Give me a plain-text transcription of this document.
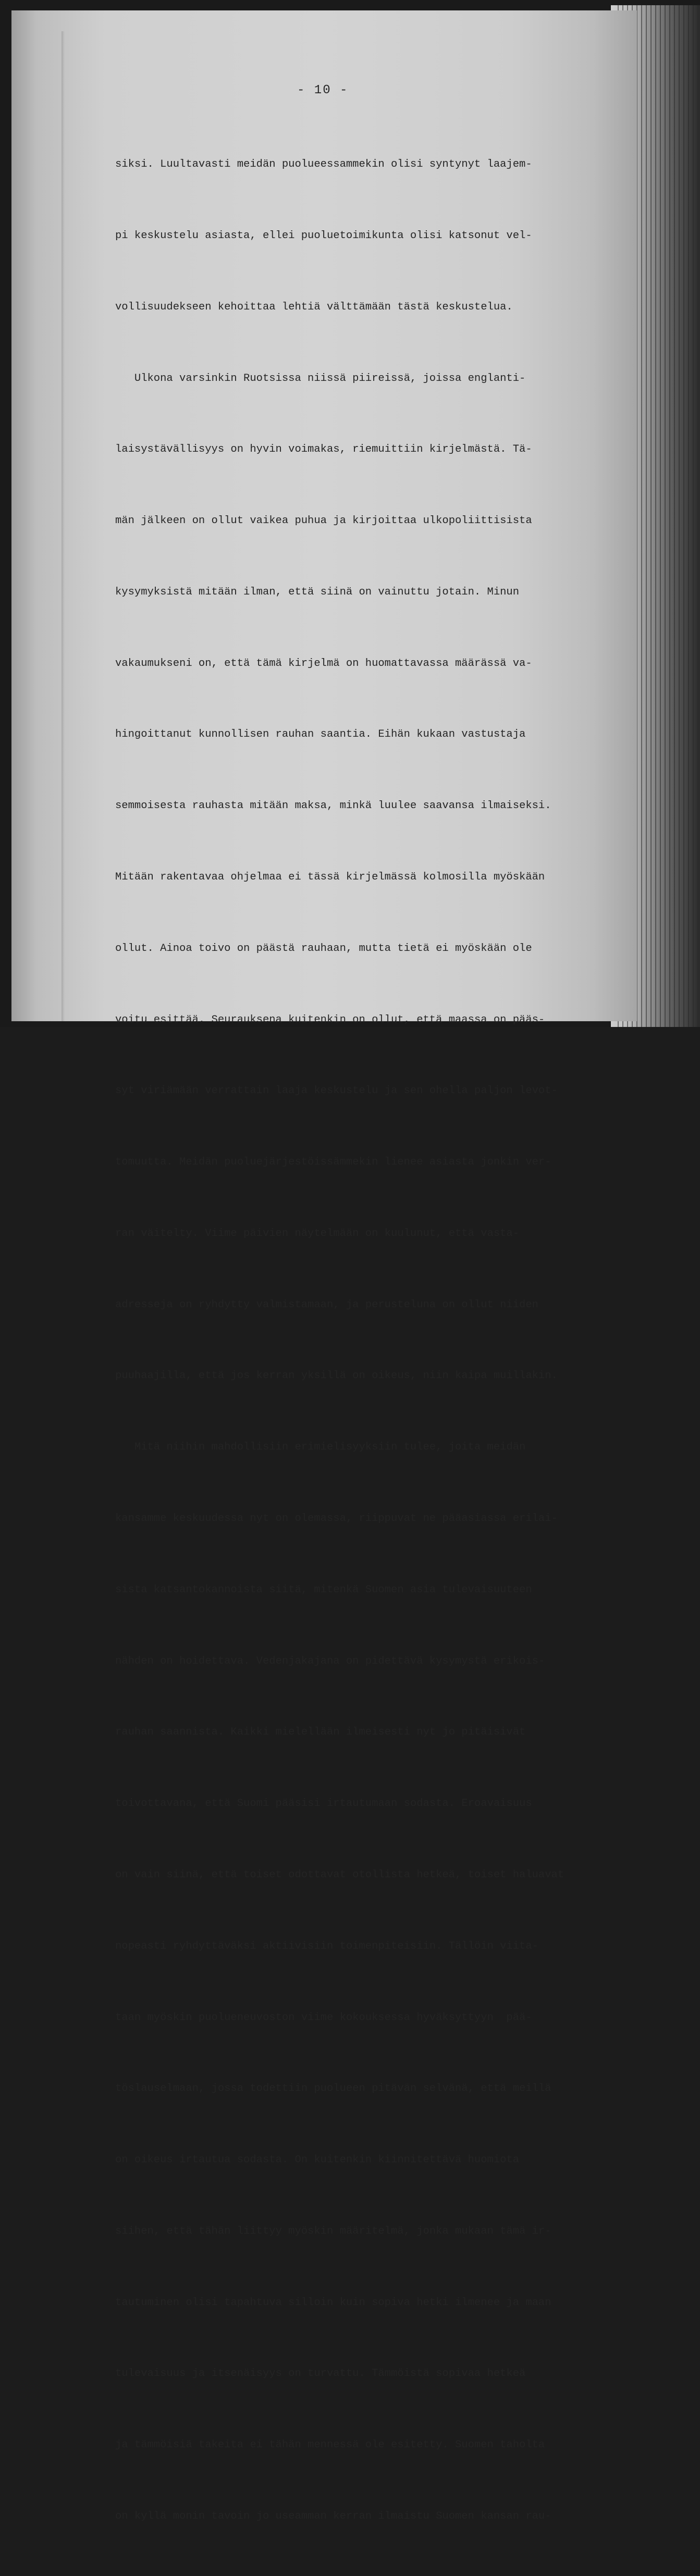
- 10 -

siksi. Luultavasti meidän puolueessammekin olisi syntynyt laajem-

pi keskustelu asiasta, ellei puoluetoimikunta olisi katsonut vel-

vollisuudekseen kehoittaa lehtiä välttämään tästä keskustelua.

Ulkona varsinkin Ruotsissa niissä piireissä, joissa englanti-

laisystävällisyys on hyvin voimakas, riemuittiin kirjelmästä. Tä-

män jälkeen on ollut vaikea puhua ja kirjoittaa ulkopoliittisista

kysymyksistä mitään ilman, että siinä on vainuttu jotain. Minun

vakaumukseni on, että tämä kirjelmä on huomattavassa määrässä va-

hingoittanut kunnollisen rauhan saantia. Eihän kukaan vastustaja

semmoisesta rauhasta mitään maksa, minkä luulee saavansa ilmaiseksi.

Mitään rakentavaa ohjelmaa ei tässä kirjelmässä kolmosilla myöskään

ollut. Ainoa toivo on päästä rauhaan, mutta tietä ei myöskään ole

voitu esittää. Seurauksena kuitenkin on ollut, että maassa on pääs-

syt viriämään verrattain laaja keskustelu ja sen ohella paljon levot-

tomuutta. Meidän puoluejärjestöissämmekin lienee asiasta jonkin ver-

ran väitelty. Viime päivien näytelmään on kuulunut, että vasta-

adresseja on ryhdytty valmistamaan, ja perusteluna on ollut niiden

puuhaajilla, että jos kerran yksillä on oikeus, niin kaipa muillakin.

Mitä niihin mahdollisiin erimielisyyksiin tulee, joita meidän

kansamme keskuudessa nyt on olemassa, riippuvat ne pääasiassa erilai-

sista katsantokannoista siitä, mitenkä Suomen asia tulevaisuuteen

nähden on hoidettava. Vedenjakajana on pidettävä kysymystä erikois-

rauhan saannista. Kaikki mielellään ilmeisesti nyt jo pitäisivät

toivottavana, että Suomi pääsisi irtautumaan sodasta. Eroavaisuus

on vain siinä, että toiset odottavat otollista hetkeä, toiset haluavat

nopeasti ryhdyttäväksi aktiivisiin toimenpiteisiin. Tällöin viita-

taan myöskin puolueneuvoston viime kokouksessa hyväksyttyyn  pää-

töslauselmaan, jossa todettiin puolueen pitävän selvänä, että meillä

on oikeus irtautua sodasta. On kuitenkin kiinnitettävä huomiota

siihen, että tähän liittyy myöskin määritelmä, jonka mukaan tämä ir-

tautuminen olisi tapahtuva silloin kuin sopiva hetki ilmenee ja maan

tulevaisuus ja itsenäisyys on turvattu. Tämmöistä sopivaa hetkeä

ja tämmöisiä takeita ei tähän mennessä ole esitetty. Suomen taholta

on kyllä monin tavoin jo useamman kerran ilmaistu Suomen kansan rau-
